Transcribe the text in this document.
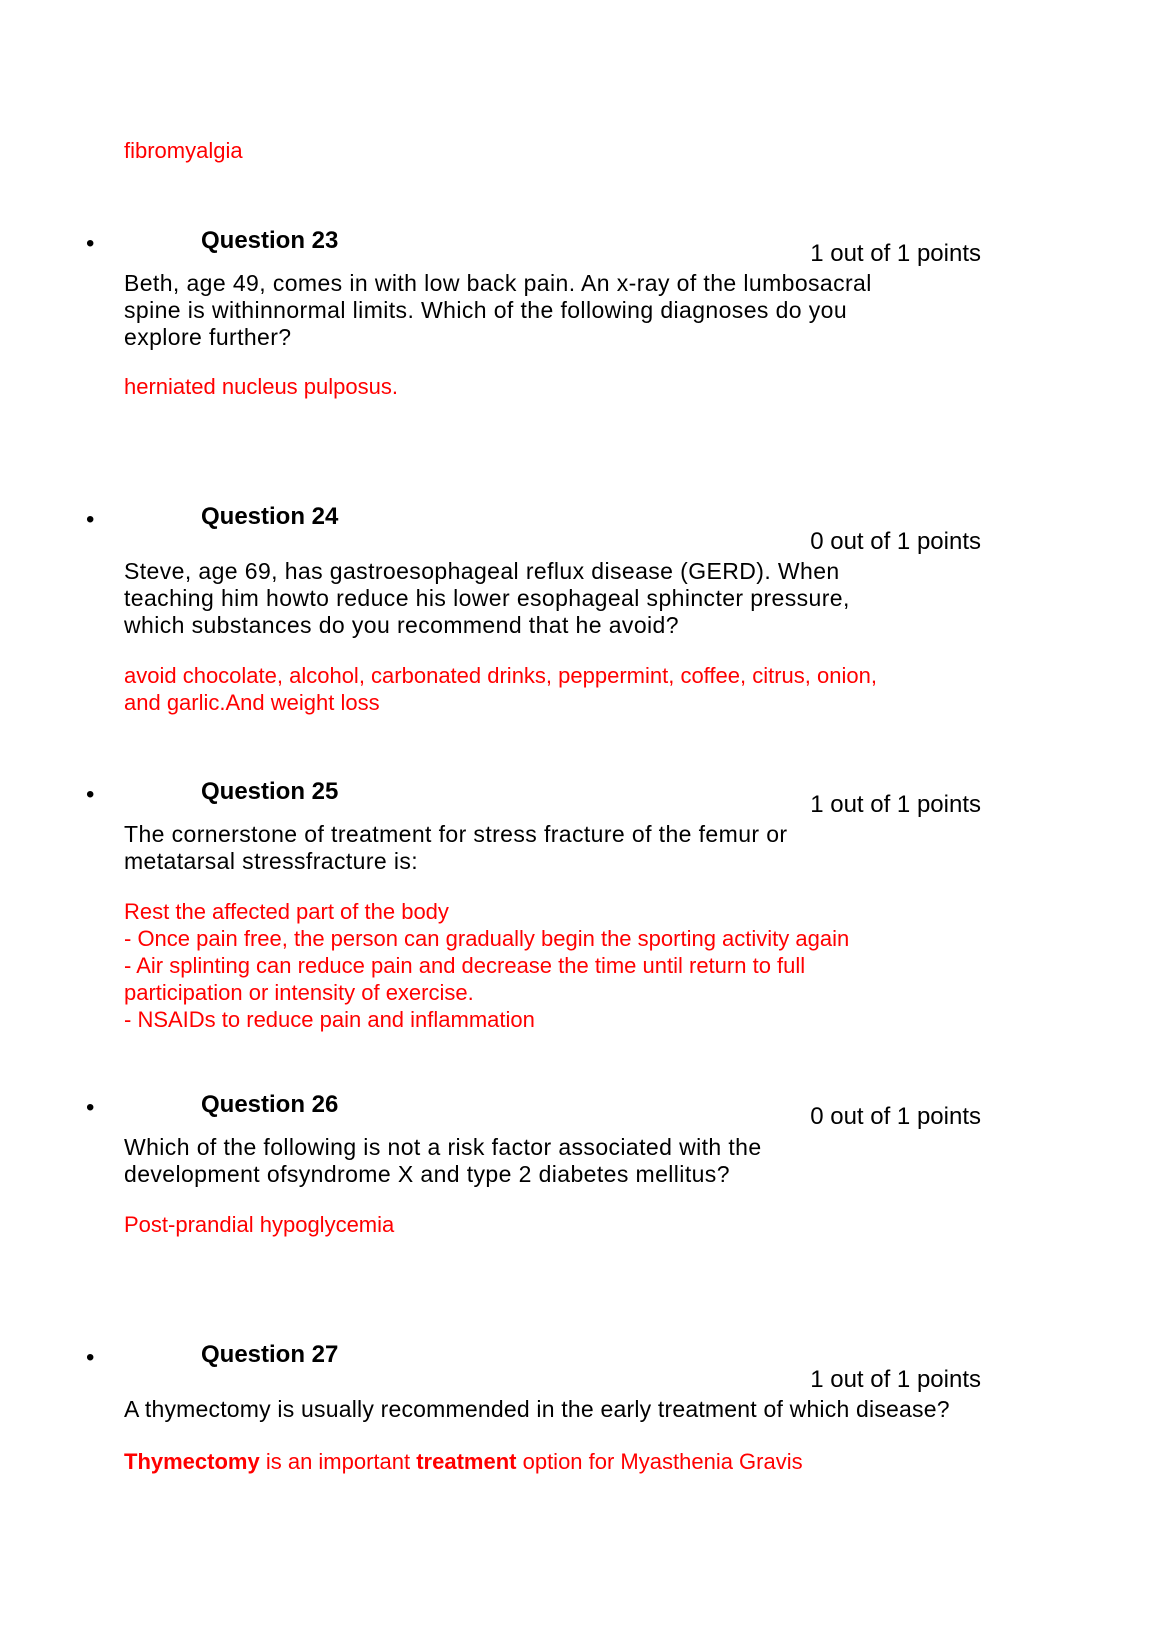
fibromyalgia
•	Question 23	1 out of 1 points

Beth, age 49, comes in with low back pain. An x-ray of the lumbosacral

spine is withinnormal limits. Which of the following diagnoses do you

explore further?

herniated nucleus pulposus.
•	Question 24
0 out of 1 points

Steve, age 69, has gastroesophageal reflux disease (GERD). When

teaching him howto reduce his lower esophageal sphincter pressure,

which substances do you recommend that he avoid?

avoid chocolate, alcohol, carbonated drinks, peppermint, coffee, citrus, onion,

and garlic.And weight loss

•	Question 25	1 out of 1 points

The cornerstone of treatment for stress fracture of the femur or

metatarsal stressfracture is:

Rest the affected part of the body

- Once pain free, the person can gradually begin the sporting activity again

- Air splinting can reduce pain and decrease the time until return to full

participation or intensity of exercise.

- NSAIDs to reduce pain and inflammation

•	Question 26	0 out of 1 points

Which of the following is not a risk factor associated with the

development ofsyndrome X and type 2 diabetes mellitus?

Post-prandial hypoglycemia
•	Question 27
1 out of 1 points

A thymectomy is usually recommended in the early treatment of which disease?

Thymectomy is an important treatment option for Myasthenia Gravis
